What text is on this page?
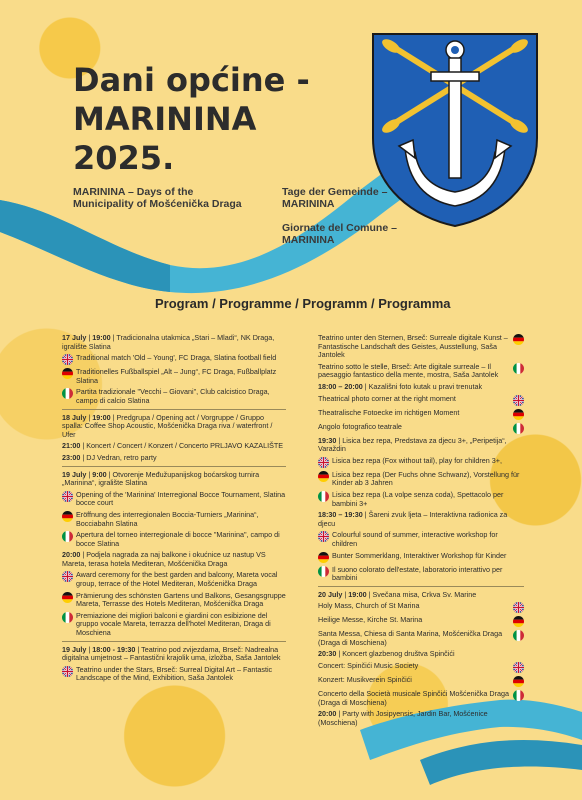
Dani općine -
MARININA
2025.
MARININA – Days of the Municipality of Mošćenička Draga
Tage der Gemeinde – MARININA
Giornate del Comune – MARININA
Program / Programme / Programm / Programma
17 July | 19:00 | Tradicionalna utakmica „Stari – Mladi“, NK Draga, igralište Slatina
Traditional match 'Old – Young', FC Draga, Slatina football field
Traditionelles Fußballspiel „Alt – Jung“, FC Draga, Fußballplatz Slatina
Partita tradizionale "Vecchi – Giovani", Club calcistico Draga, campo di calcio Slatina
18 July | 19:00 | Predgrupa / Opening act / Vorgruppe / Gruppo spalla: Coffee Shop Acoustic, Mošćenička Draga riva / waterfront / Ufer
21:00 | Koncert / Concert / Konzert / Concerto PRLJAVO KAZALIŠTE
23:00 | DJ Vedran, retro party
19 July | 9:00 | Otvorenje Međužupanijskog boćarskog turnira „Marinina“, igralište Slatina
Opening of the 'Marinina' Interregional Bocce Tournament, Slatina bocce court
Eröffnung des interregionalen Boccia-Turniers „Marinina“, Bocciabahn Slatina
Apertura del torneo interregionale di bocce "Marinina", campo di bocce Slatina
20:00 | Podjela nagrada za naj balkone i okućnice uz nastup VS Mareta, terasa hotela Mediteran, Mošćenička Draga
Award ceremony for the best garden and balcony, Mareta vocal group, terrace of the Hotel Mediteran, Mošćenička Draga
Prämierung des schönsten Gartens und Balkons, Gesangsgruppe Mareta, Terrasse des Hotels Mediteran, Mošćenička Draga
Premiazione dei migliori balconi e giardini con esibizione del gruppo vocale Mareta, terrazza dell'hotel Mediteran, Draga di Moschiena
19 July | 18:00 - 19:30 | Teatrino pod zvijezdama, Brseč: Nadrealna digitalna umjetnost – Fantastični krajolik uma, izložba, Saša Jantolek
Teatrino under the Stars, Brseč: Surreal Digital Art – Fantastic Landscape of the Mind, Exhibition, Saša Jantolek
Teatrino unter den Sternen, Brseč: Surreale digitale Kunst – Fantastische Landschaft des Geistes, Ausstellung, Saša Jantolek
Teatrino sotto le stelle, Brseč: Arte digitale surreale – Il paesaggio fantastico della mente, mostra, Saša Jantolek
18:00 – 20:00 | Kazališni foto kutak u pravi trenutak
Theatrical photo corner at the right moment
Theatralische Fotoecke im richtigen Moment
Angolo fotografico teatrale
19:30 | Lisica bez repa, Predstava za djecu 3+, „Peripetija“, Varaždin
Lisica bez repa (Fox without tail), play for children 3+,
Lisica bez repa (Der Fuchs ohne Schwanz), Vorstellung für Kinder ab 3 Jahren
Lisica bez repa (La volpe senza coda), Spettacolo per bambini 3+
18:30 – 19:30 | Šareni zvuk ljeta – Interaktivna radionica za djecu
Colourful sound of summer, interactive workshop for children
Bunter Sommerklang, Interaktiver Workshop für Kinder
Il suono colorato dell'estate, laboratorio interattivo per bambini
20 July | 19:00 | Svečana misa, Crkva Sv. Marine
Holy Mass, Church of St Marina
Heilige Messe, Kirche St. Marina
Santa Messa, Chiesa di Santa Marina, Mošćenička Draga (Draga di Moschiena)
20:30 | Koncert glazbenog društva Spinčići
Concert: Spinčići Music Society
Konzert: Musikverein Spinčići
Concerto della Società musicale Spinčići Mošćenička Draga (Draga di Moschiena)
20:00 | Party with Josipyensis, Jardin Bar, Mošćenice (Moschiena)
